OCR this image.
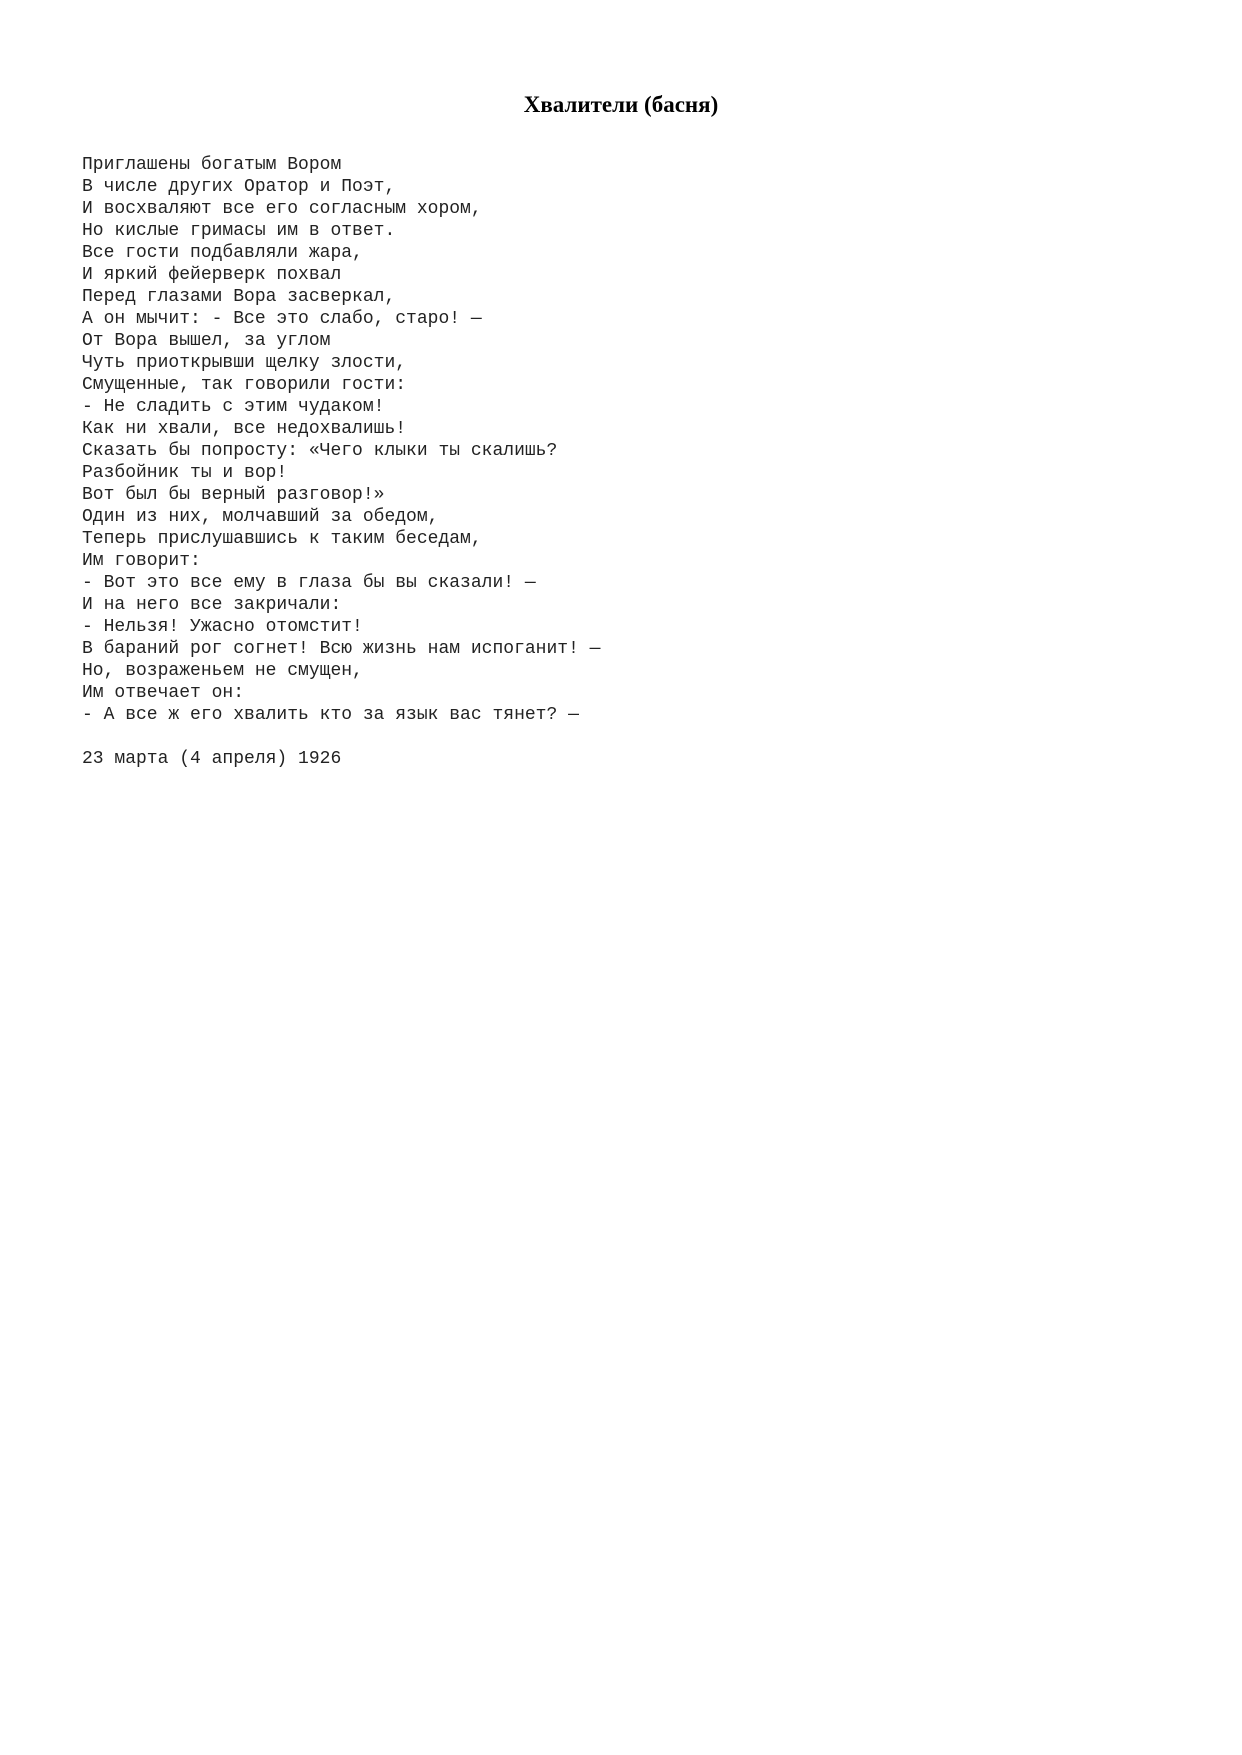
Хвалители (басня)
Приглашены богатым Вором
В числе других Оратор и Поэт,
И восхваляют все его согласным хором,
Но кислые гримасы им в ответ.
Все гости подбавляли жара,
И яркий фейерверк похвал
Перед глазами Вора засверкал,
А он мычит: - Все это слабо, старо! —
От Вора вышел, за углом
Чуть приоткрывши щелку злости,
Смущенные, так говорили гости:
- Не сладить с этим чудаком!
Как ни хвали, все недохвалишь!
Сказать бы попросту: «Чего клыки ты скалишь?
Разбойник ты и вор!
Вот был бы верный разговор!»
Один из них, молчавший за обедом,
Теперь прислушавшись к таким беседам,
Им говорит:
- Вот это все ему в глаза бы вы сказали! —
И на него все закричали:
- Нельзя! Ужасно отомстит!
В бараний рог согнет! Всю жизнь нам испоганит! —
Но, возраженьем не смущен,
Им отвечает он:
- А все ж его хвалить кто за язык вас тянет? —

23 марта (4 апреля) 1926
